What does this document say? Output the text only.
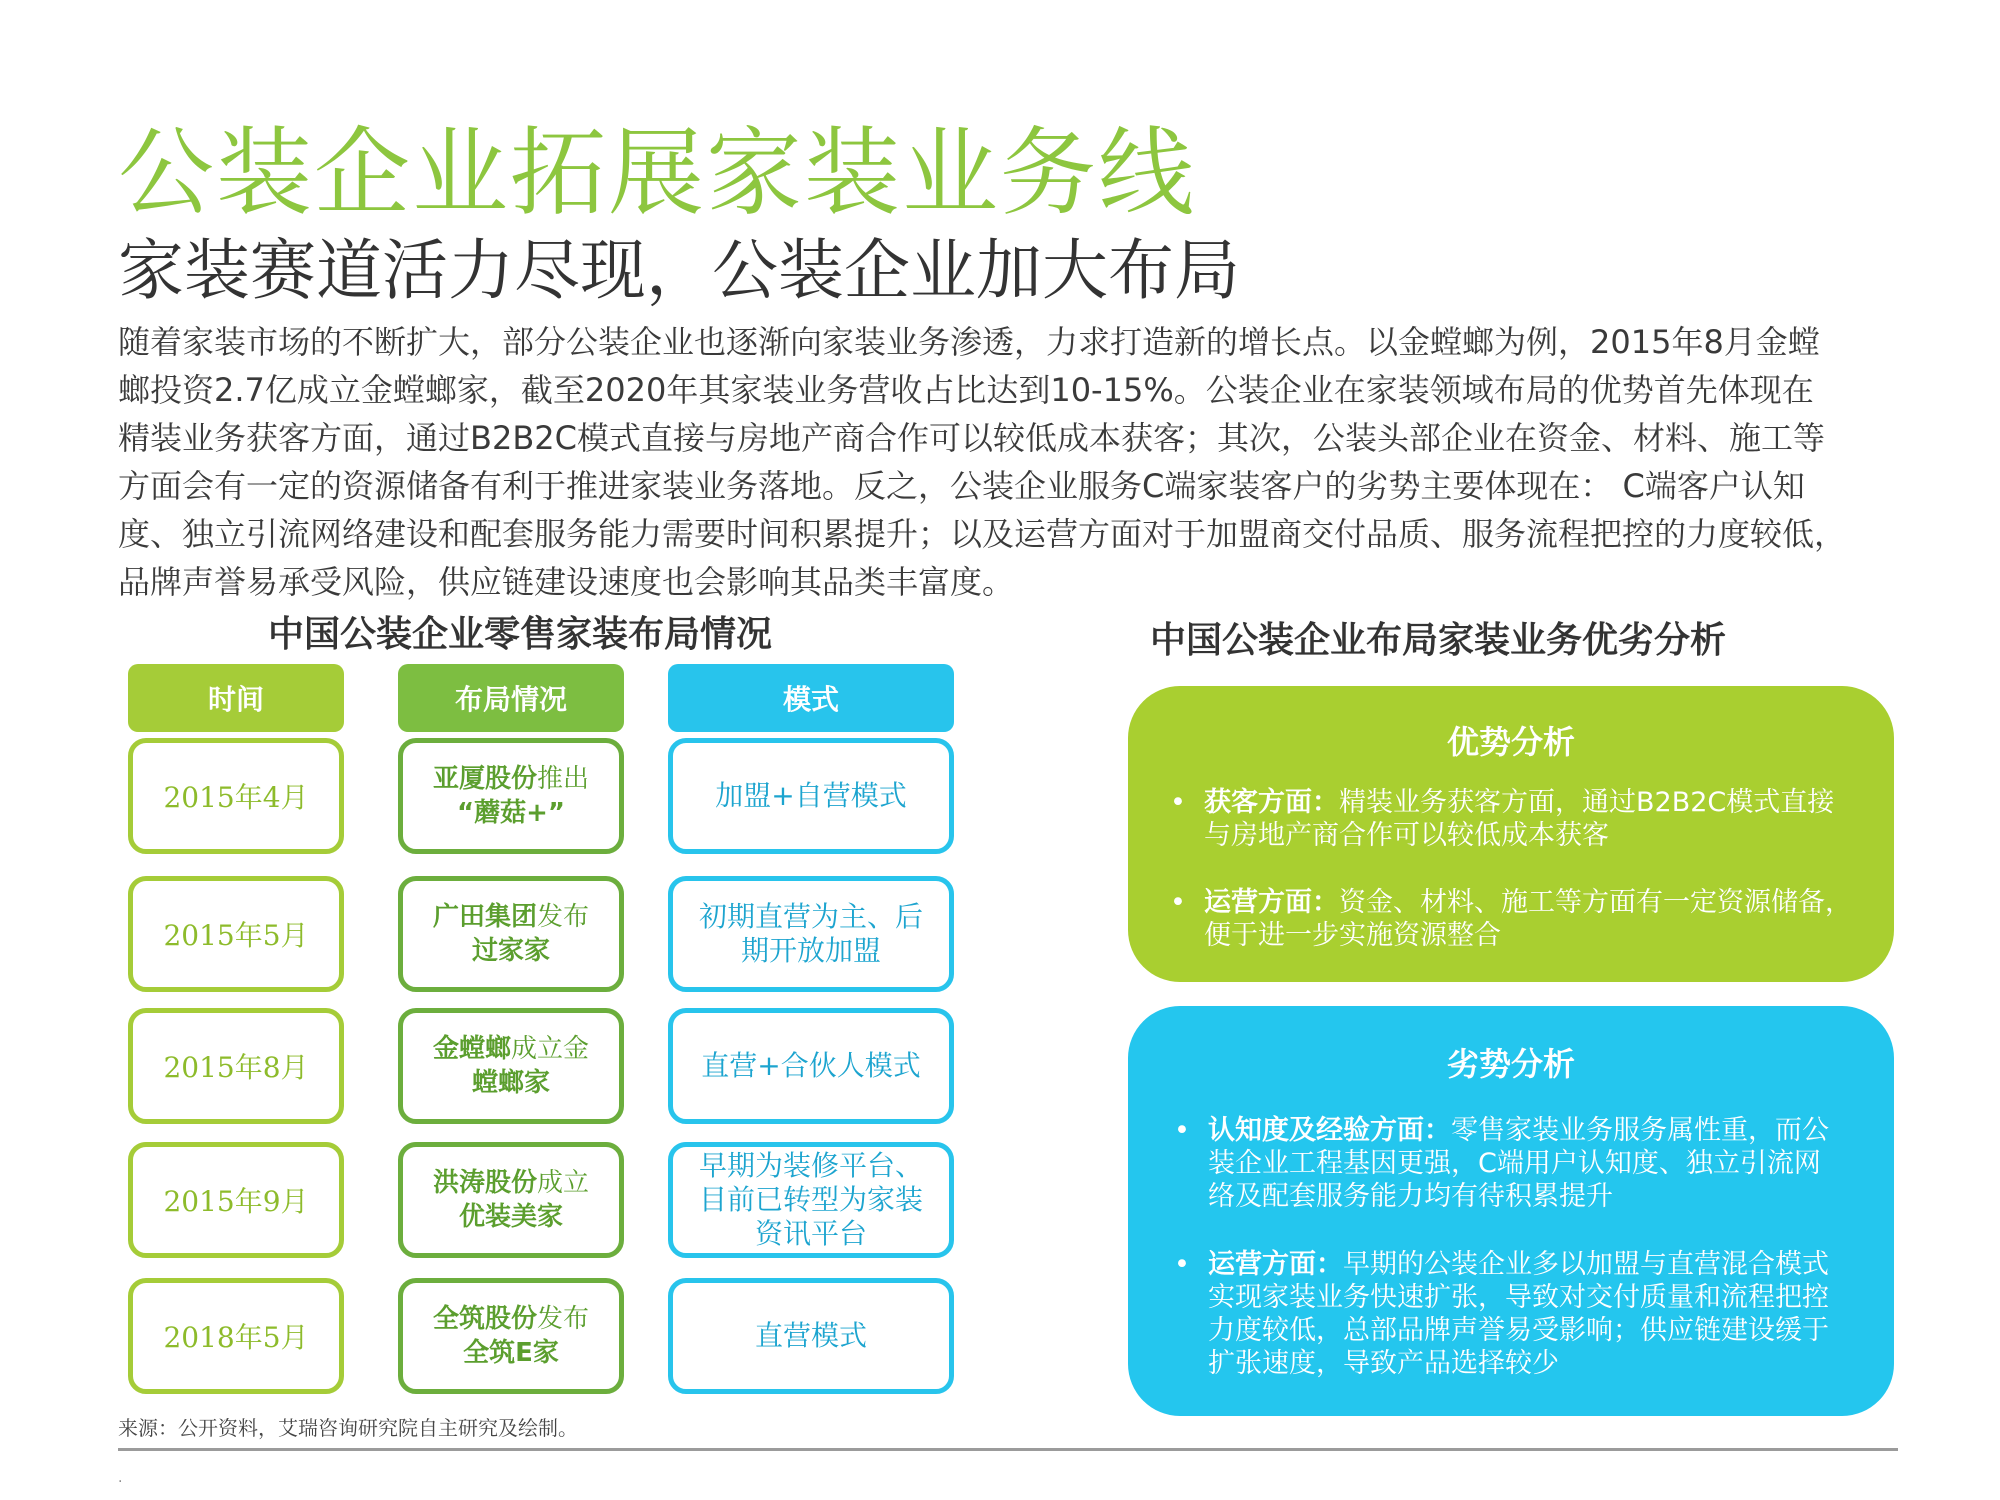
公装企业拓展家装业务线
家装赛道活力尽现，公装企业加大布局
随着家装市场的不断扩大，部分公装企业也逐渐向家装业务渗透，力求打造新的增长点。以金螳螂为例，2015年8月金螳
螂投资2.7亿成立金螳螂家，截至2020年其家装业务营收占比达到10-15%。公装企业在家装领域布局的优势首先体现在
精装业务获客方面，通过B2B2C模式直接与房地产商合作可以较低成本获客；其次，公装头部企业在资金、材料、施工等
方面会有一定的资源储备有利于推进家装业务落地。反之，公装企业服务C端家装客户的劣势主要体现在： C端客户认知
度、独立引流网络建设和配套服务能力需要时间积累提升；以及运营方面对于加盟商交付品质、服务流程把控的力度较低，
品牌声誉易承受风险，供应链建设速度也会影响其品类丰富度。
中国公装企业零售家装布局情况
时间	布局情况	模式
2015年4月
亚厦股份推出
“蘑菇+”
加盟+自营模式
2015年5月
广田集团发布
过家家
初期直营为主、后
期开放加盟
2015年8月
金螳螂成立金
螳螂家
直营+合伙人模式
2015年9月
洪涛股份成立
优装美家
早期为装修平台、
目前已转型为家装
资讯平台
2018年5月
全筑股份发布
全筑E家
直营模式
中国公装企业布局家装业务优劣分析
优势分析
• 获客方面：精装业务获客方面，通过B2B2C模式直接
与房地产商合作可以较低成本获客
• 运营方面：资金、材料、施工等方面有一定资源储备，
便于进一步实施资源整合
劣势分析
• 认知度及经验方面：零售家装业务服务属性重，而公
装企业工程基因更强，C端用户认知度、独立引流网
络及配套服务能力均有待积累提升
• 运营方面：早期的公装企业多以加盟与直营混合模式
实现家装业务快速扩张，导致对交付质量和流程把控
力度较低，总部品牌声誉易受影响；供应链建设缓于
扩张速度，导致产品选择较少
来源：公开资料，艾瑞咨询研究院自主研究及绘制。
.
